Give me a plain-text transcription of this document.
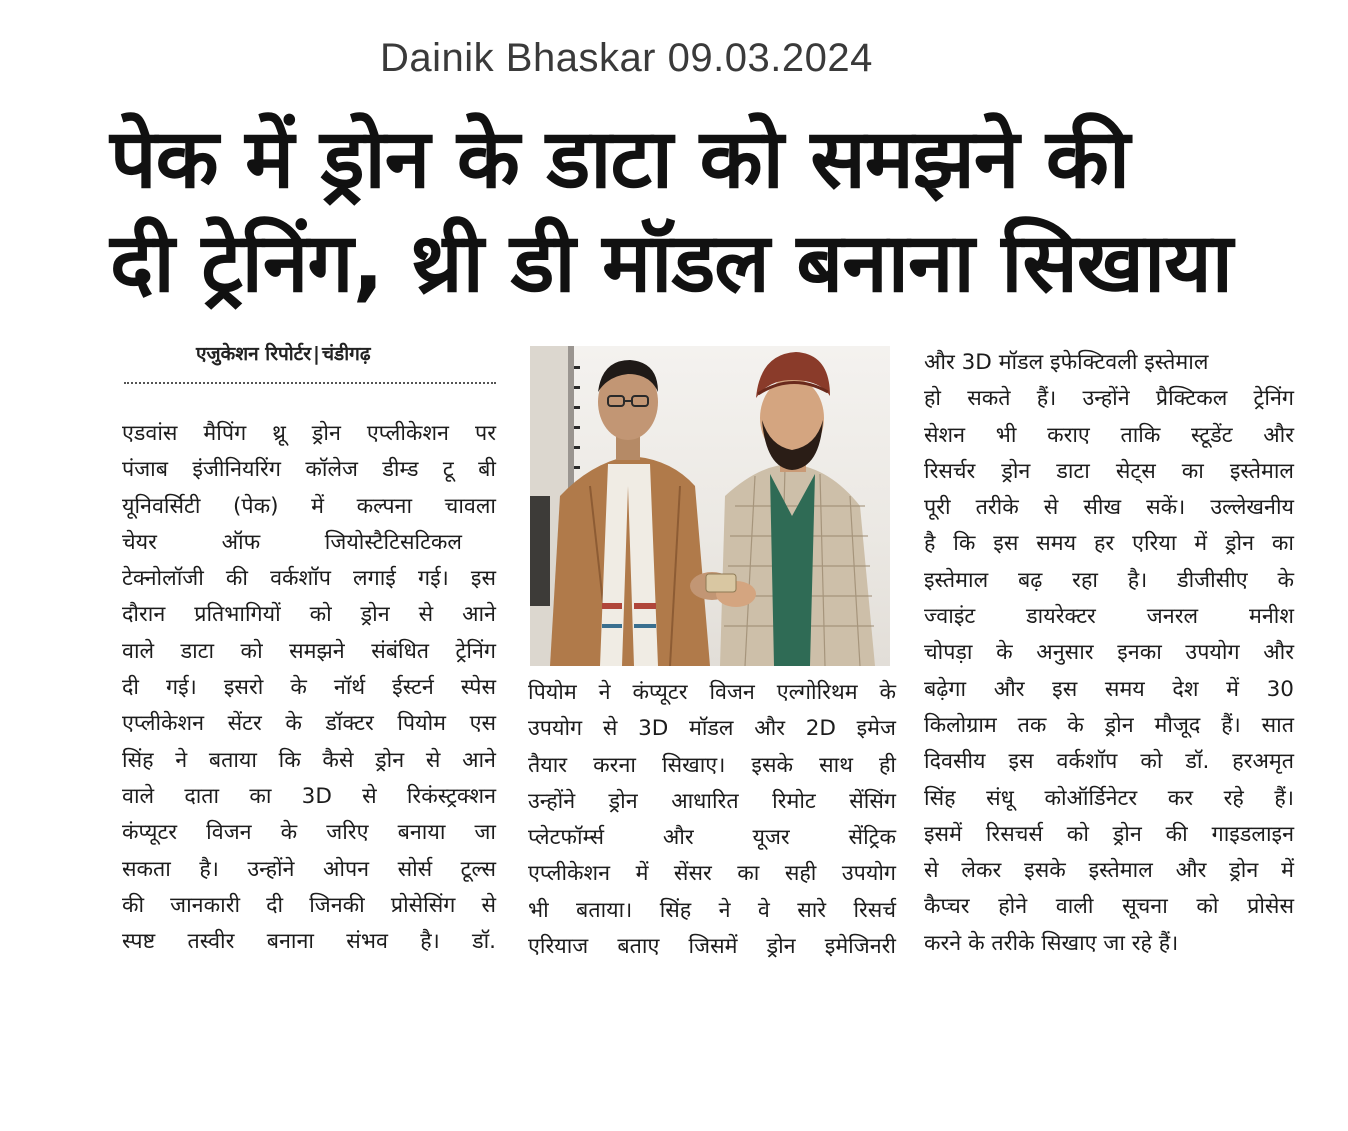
Dainik Bhaskar 09.03.2024
पेक में ड्रोन के डाटा को समझने की
दी ट्रेनिंग, थ्री डी मॉडल बनाना सिखाया
एजुकेशन रिपोर्टर | चंडीगढ़
एडवांस मैपिंग थ्रू ड्रोन एप्लीकेशन पर
पंजाब इंजीनियरिंग कॉलेज डीम्ड टू बी
यूनिवर्सिटी (पेक) में कल्पना चावला
चेयर ऑफ जियोस्टैटिसटिकल
टेक्नोलॉजी की वर्कशॉप लगाई गई। इस
दौरान प्रतिभागियों को ड्रोन से आने
वाले डाटा को समझने संबंधित ट्रेनिंग
दी गई। इसरो के नॉर्थ ईस्टर्न स्पेस
एप्लीकेशन सेंटर के डॉक्टर पियोम एस
सिंह ने बताया कि कैसे ड्रोन से आने
वाले दाता का 3D से रिकंस्ट्रक्शन
कंप्यूटर विजन के जरिए बनाया जा
सकता है। उन्होंने ओपन सोर्स टूल्स
की जानकारी दी जिनकी प्रोसेसिंग से
स्पष्ट तस्वीर बनाना संभव है। डॉ.
पियोम ने कंप्यूटर विजन एल्गोरिथम के
उपयोग से 3D मॉडल और 2D इमेज
तैयार करना सिखाए। इसके साथ ही
उन्होंने ड्रोन आधारित रिमोट सेंसिंग
प्लेटफॉर्म्स और यूजर सेंट्रिक
एप्लीकेशन में सेंसर का सही उपयोग
भी बताया। सिंह ने वे सारे रिसर्च
एरियाज बताए जिसमें ड्रोन इमेजिनरी
और 3D मॉडल इफेक्टिवली इस्तेमाल
हो सकते हैं। उन्होंने प्रैक्टिकल ट्रेनिंग
सेशन भी कराए ताकि स्टूडेंट और
रिसर्चर ड्रोन डाटा सेट्स का इस्तेमाल
पूरी तरीके से सीख सकें। उल्लेखनीय
है कि इस समय हर एरिया में ड्रोन का
इस्तेमाल बढ़ रहा है। डीजीसीए के
ज्वाइंट डायरेक्टर जनरल मनीश
चोपड़ा के अनुसार इनका उपयोग और
बढ़ेगा और इस समय देश में 30
किलोग्राम तक के ड्रोन मौजूद हैं। सात
दिवसीय इस वर्कशॉप को डॉ. हरअमृत
सिंह संधू कोऑर्डिनेटर कर रहे हैं।
इसमें रिसचर्स को ड्रोन की गाइडलाइन
से लेकर इसके इस्तेमाल और ड्रोन में
कैप्चर होने वाली सूचना को प्रोसेस
करने के तरीके सिखाए जा रहे हैं।
